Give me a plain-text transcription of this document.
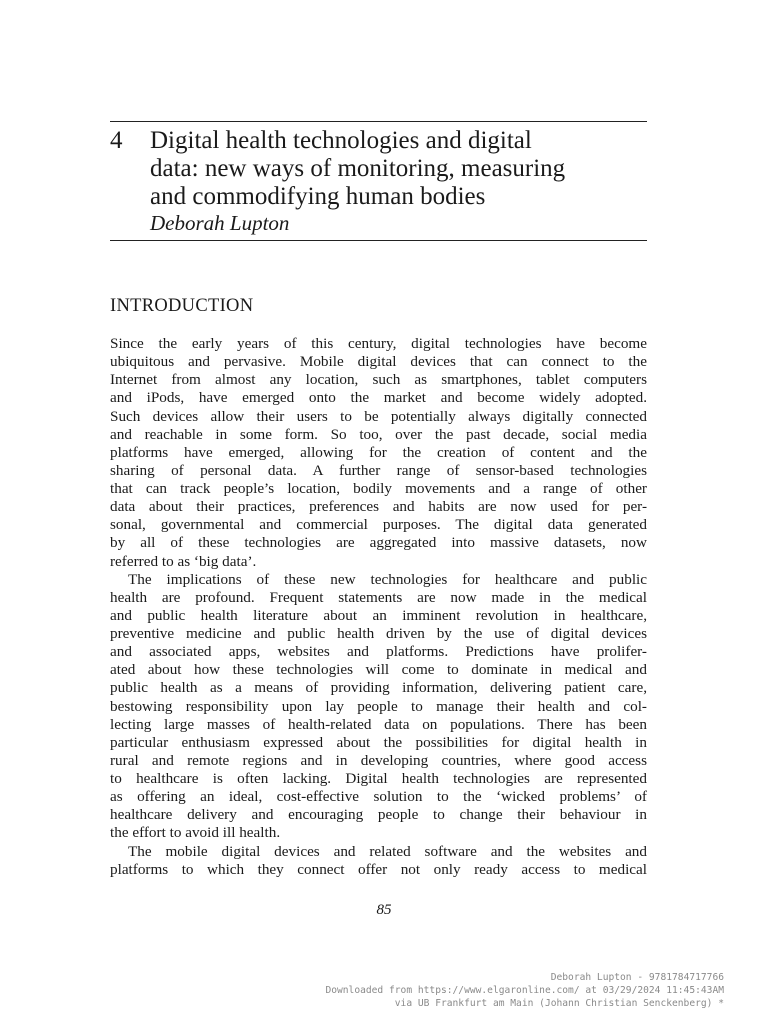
4 Digital health technologies and digital
data: new ways of monitoring, measuring
and commodifying human bodies
Deborah Lupton
INTRODUCTION
Since the early years of this century, digital technologies have become
ubiquitous and pervasive. Mobile digital devices that can connect to the
Internet from almost any location, such as smartphones, tablet computers
and iPods, have emerged onto the market and become widely adopted.
Such devices allow their users to be potentially always digitally connected
and reachable in some form. So too, over the past decade, social media
platforms have emerged, allowing for the creation of content and the
sharing of personal data. A further range of sensor-based technologies
that can track people’s location, bodily movements and a range of other
data about their practices, preferences and habits are now used for per-
sonal, governmental and commercial purposes. The digital data generated
by all of these technologies are aggregated into massive datasets, now
referred to as ‘big data’.
The implications of these new technologies for healthcare and public
health are profound. Frequent statements are now made in the medical
and public health literature about an imminent revolution in healthcare,
preventive medicine and public health driven by the use of digital devices
and associated apps, websites and platforms. Predictions have prolifer-
ated about how these technologies will come to dominate in medical and
public health as a means of providing information, delivering patient care,
bestowing responsibility upon lay people to manage their health and col-
lecting large masses of health-related data on populations. There has been
particular enthusiasm expressed about the possibilities for digital health in
rural and remote regions and in developing countries, where good access
to healthcare is often lacking. Digital health technologies are represented
as offering an ideal, cost-effective solution to the ‘wicked problems’ of
healthcare delivery and encouraging people to change their behaviour in
the effort to avoid ill health.
The mobile digital devices and related software and the websites and
platforms to which they connect offer not only ready access to medical
85
Deborah Lupton - 9781784717766
Downloaded from https://www.elgaronline.com/ at 03/29/2024 11:45:43AM
via UB Frankfurt am Main (Johann Christian Senckenberg) *
